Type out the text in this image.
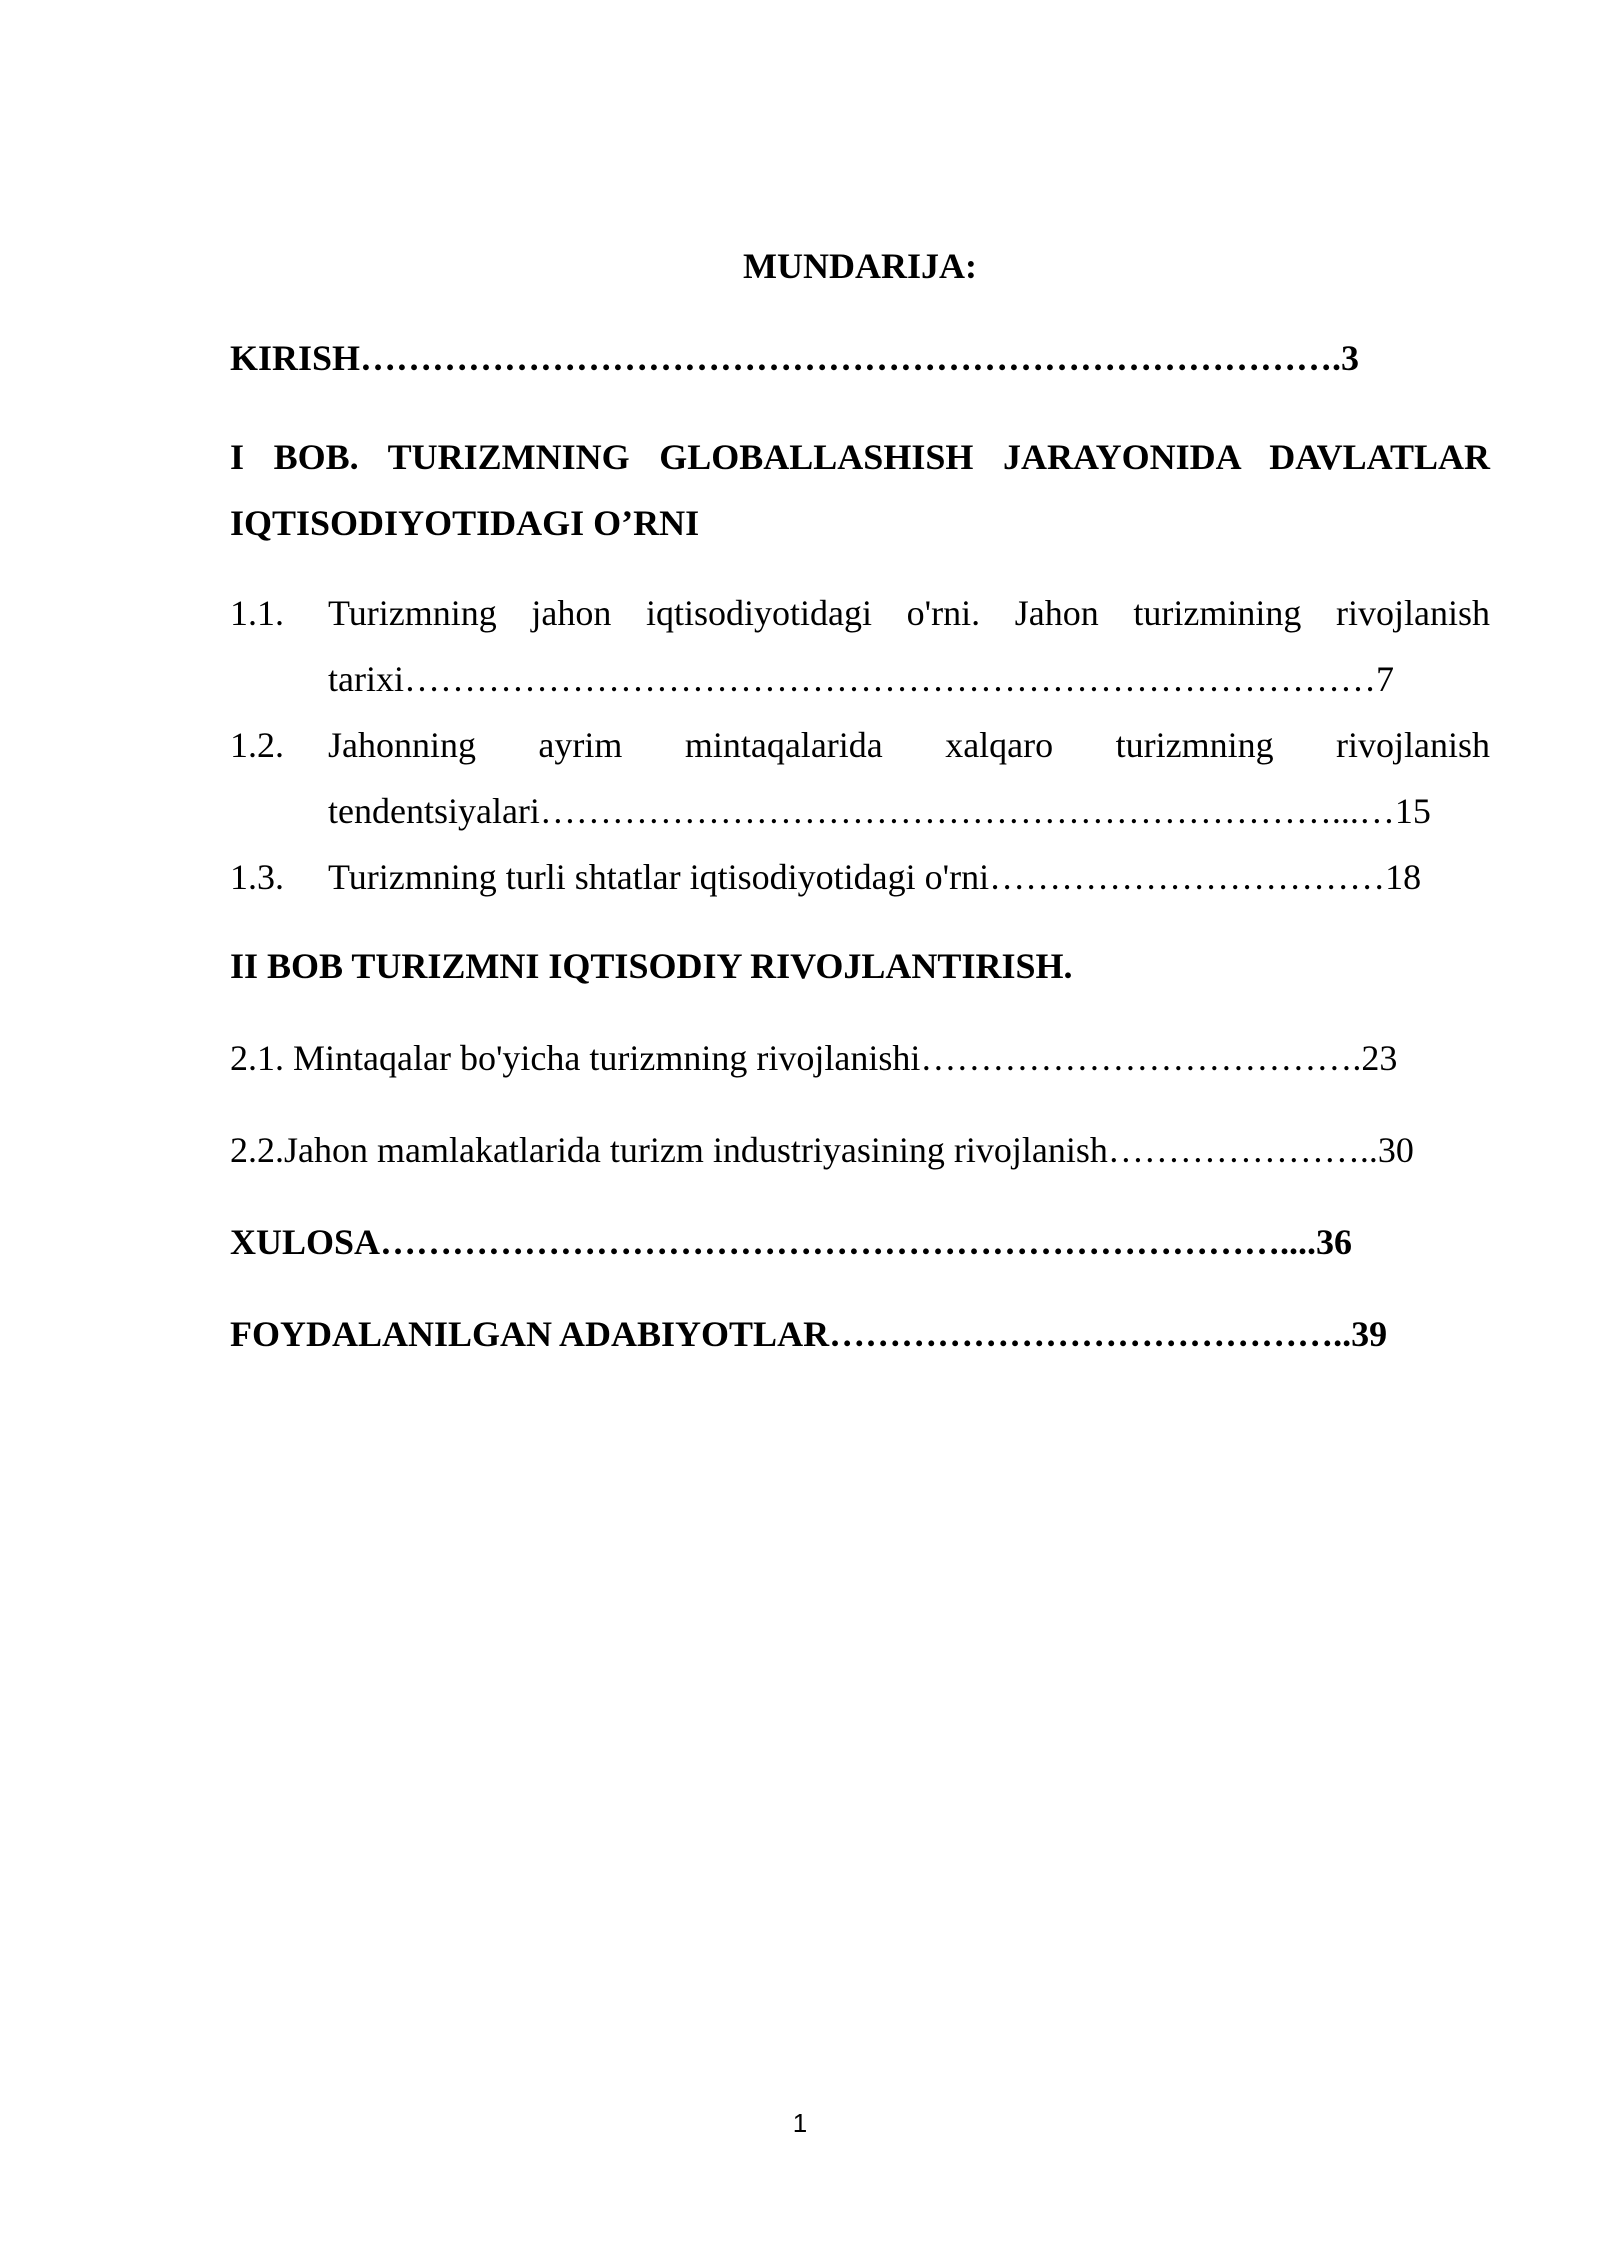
MUNDARIJA:
KIRISH……………………………………………………………………….3
I BOB. TURIZMNING GLOBALLASHISH JARAYONIDA DAVLATLAR
IQTISODIYOTIDAGI O’RNI
1.1. Turizmning jahon iqtisodiyotidagi o'rni. Jahon turizmining rivojlanish
tarixi………………………………………………………………………7
1.2. Jahonning ayrim mintaqalarida xalqaro turizmning rivojlanish
tendentsiyalari…………………………………………………………...…15
1.3. Turizmning turli shtatlar iqtisodiyotidagi o'rni……………………………18
II BOB TURIZMNI IQTISODIY RIVOJLANTIRISH.
2.1. Mintaqalar bo'yicha turizmning rivojlanishi……………………………….23
2.2.Jahon mamlakatlarida turizm industriyasining rivojlanish…………………..30
XULOSA…………………………………………………………………....36
FOYDALANILGAN ADABIYOTLAR……………………………………..39
1
